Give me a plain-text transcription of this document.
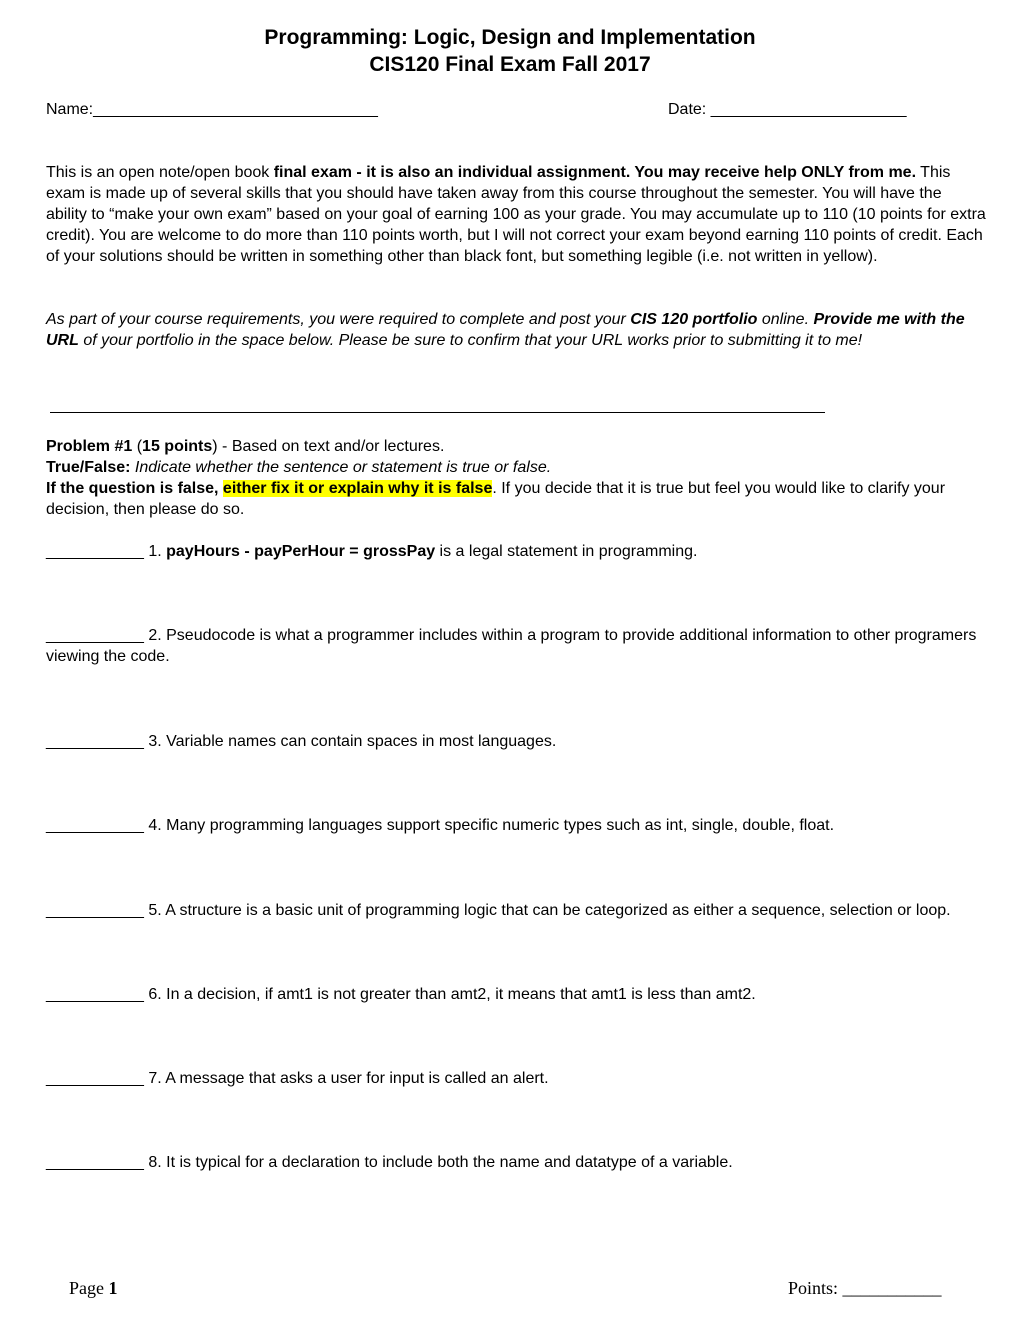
Programming: Logic, Design and Implementation
CIS120 Final Exam Fall 2017
Name:________________________________	Date: ______________________
This is an open note/open book final exam - it is also an individual assignment. You may receive help ONLY from me. This exam is made up of several skills that you should have taken away from this course throughout the semester. You will have the ability to “make your own exam” based on your goal of earning 100 as your grade. You may accumulate up to 110 (10 points for extra credit). You are welcome to do more than 110 points worth, but I will not correct your exam beyond earning 110 points of credit. Each of your solutions should be written in something other than black font, but something legible (i.e. not written in yellow).
As part of your course requirements, you were required to complete and post your CIS 120 portfolio online. Provide me with the URL of your portfolio in the space below. Please be sure to confirm that your URL works prior to submitting it to me!
Problem #1 (15 points) - Based on text and/or lectures.
True/False: Indicate whether the sentence or statement is true or false.
If the question is false, either fix it or explain why it is false. If you decide that it is true but feel you would like to clarify your decision, then please do so.
___________ 1. payHours - payPerHour = grossPay is a legal statement in programming.
___________ 2. Pseudocode is what a programmer includes within a program to provide additional information to other programers viewing the code.
___________ 3. Variable names can contain spaces in most languages.
___________ 4. Many programming languages support specific numeric types such as int, single, double, float.
___________ 5. A structure is a basic unit of programming logic that can be categorized as either a sequence, selection or loop.
___________ 6. In a decision, if amt1 is not greater than amt2, it means that amt1 is less than amt2.
___________ 7. A message that asks a user for input is called an alert.
___________ 8. It is typical for a declaration to include both the name and datatype of a variable.
Page 1	Points: ___________
